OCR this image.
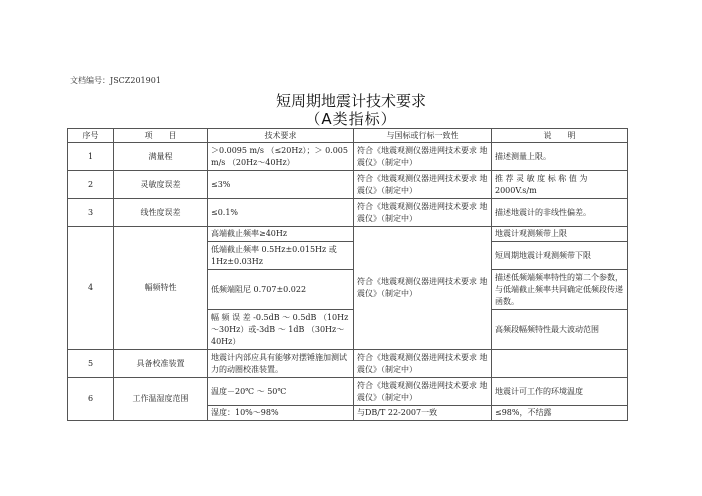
文档编号：JSCZ201901
短周期地震计技术要求
（A类指标）
序号	项　　目	技术要求	与国标或行标一致性	说　　明
1	满量程	＞0.0095 m/s （≤20Hz）；＞ 0.005 m/s （20Hz～40Hz）	符合《地震观测仪器进网技术要求 地震仪》（制定中）	描述测量上限。
2	灵敏度误差	≤3%	符合《地震观测仪器进网技术要求 地震仪》（制定中）	推 荐 灵 敏 度 标 称 值 为 2000V.s/m
3	线性度误差	≤0.1%	符合《地震观测仪器进网技术要求 地震仪》（制定中）	描述地震计的非线性偏差。
4	幅频特性	高端截止频率≥40Hz	符合《地震观测仪器进网技术要求 地震仪》（制定中）	地震计观测频带上限
		低端截止频率 0.5Hz±0.015Hz 或 1Hz±0.03Hz		短周期地震计观测频带下限
		低频端阻尼 0.707±0.022		描述低频端频率特性的第二个参数，与低端截止频率共同确定低频段传递函数。
		幅 频 误 差 -0.5dB ～ 0.5dB （10Hz～30Hz）或-3dB ～ 1dB （30Hz～40Hz）		高频段幅频特性最大波动范围
5	具备校准装置	地震计内部应具有能够对摆锤施加测试力的动圈校准装置。	符合《地震观测仪器进网技术要求 地震仪》（制定中）	
6	工作温湿度范围	温度－20℃ ～ 50℃	符合《地震观测仪器进网技术要求 地震仪》（制定中）	地震计可工作的环境温度
		湿度：10%～98%	与DB/T 22-2007一致	≤98%，不结露
